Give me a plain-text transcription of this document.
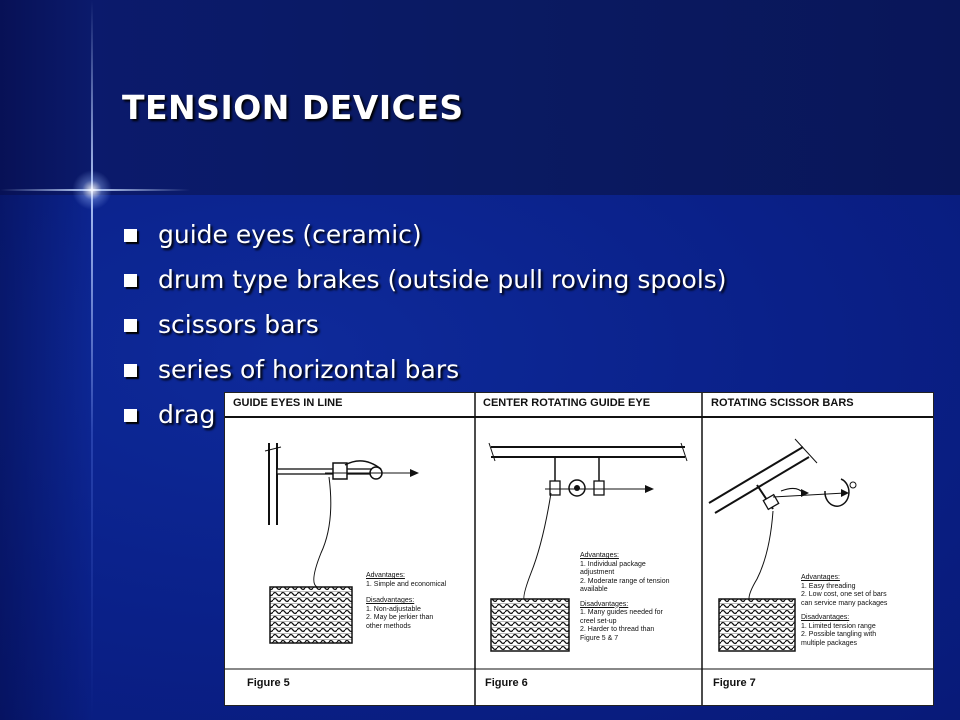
TENSION DEVICES
guide eyes (ceramic)
drum type brakes (outside pull roving spools)
scissors bars
series of horizontal bars
drag	GUIDE EYES IN LINE
Advantages:
1. Simple and economical
Disadvantages:
1. Non-adjustable
2. May be jerkier than
other methods
Figure 5
CENTER ROTATING GUIDE EYE
Advantages:
1. Individual package
adjustment
2. Moderate range of tension
available
Disadvantages:
1. Many guides needed for
creel set-up
2. Harder to thread than
Figure 5 & 7
Figure 6
ROTATING SCISSOR BARS
Advantages:
1. Easy threading
2. Low cost, one set of bars
can service many packages
Disadvantages:
1. Limited tension range
2. Possible tangling with
multiple packages
Figure 7
